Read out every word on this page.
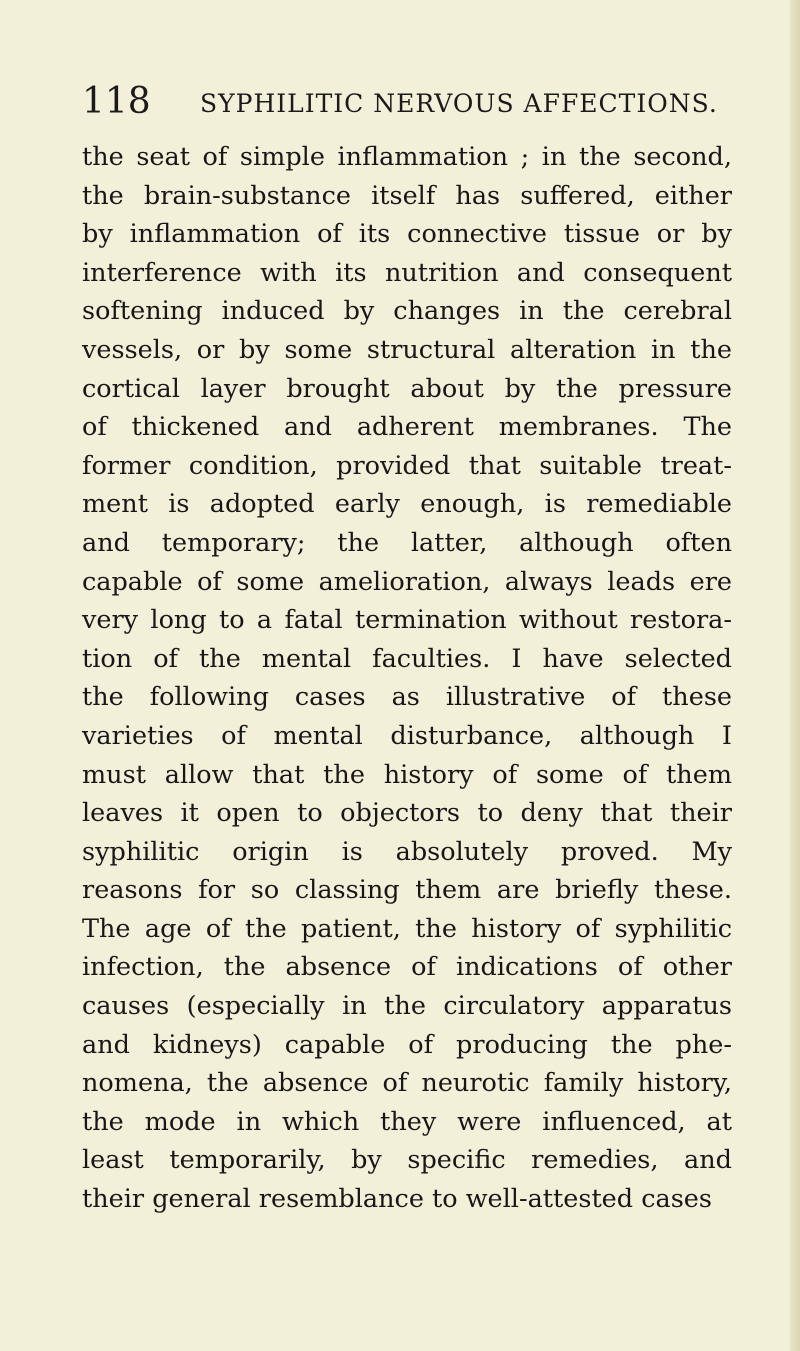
118 SYPHILITIC NERVOUS AFFECTIONS.
the seat of simple inflammation ; in the second,
the brain-substance itself has suffered, either
by inflammation of its connective tissue or by
interference with its nutrition and consequent
softening induced by changes in the cerebral
vessels, or by some structural alteration in the
cortical layer brought about by the pressure
of thickened and adherent membranes. The
former condition, provided that suitable treat-
ment is adopted early enough, is remediable
and temporary; the latter, although often
capable of some amelioration, always leads ere
very long to a fatal termination without restora-
tion of the mental faculties. I have selected
the following cases as illustrative of these
varieties of mental disturbance, although I
must allow that the history of some of them
leaves it open to objectors to deny that their
syphilitic origin is absolutely proved. My
reasons for so classing them are briefly these.
The age of the patient, the history of syphilitic
infection, the absence of indications of other
causes (especially in the circulatory apparatus
and kidneys) capable of producing the phe-
nomena, the absence of neurotic family history,
the mode in which they were influenced, at
least temporarily, by specific remedies, and
their general resemblance to well-attested cases
